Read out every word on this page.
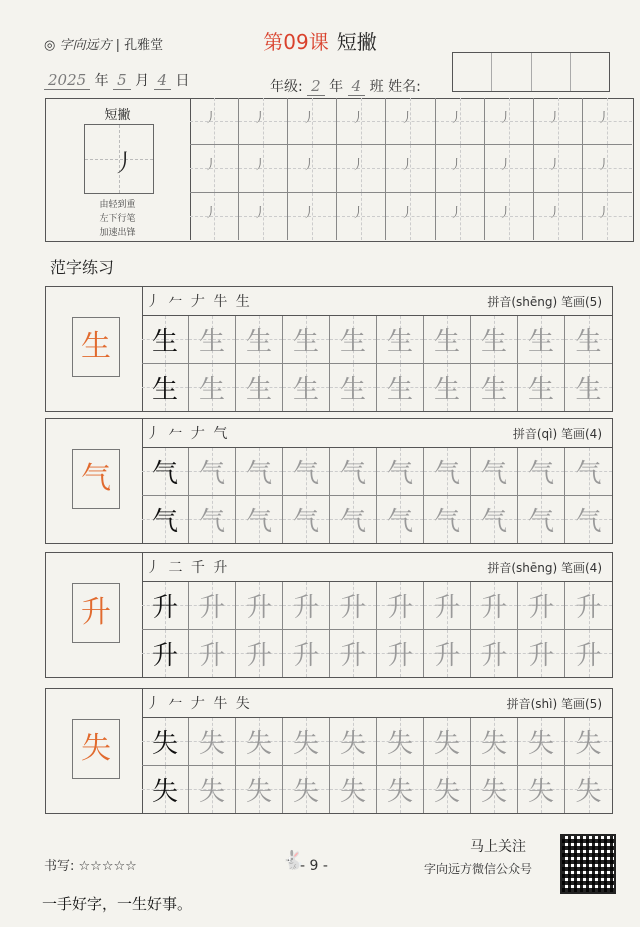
◎ 字向远方 | 孔雅堂	第09课 短撇
2025 年 5 月 4 日	年级: 2 年 4 班 姓名:
短撇
丿
由轻到重
左下行笔
加速出锋
丿	丿	丿	丿	丿	丿	丿	丿	丿
丿	丿	丿	丿	丿	丿	丿	丿	丿
丿	丿	丿	丿	丿	丿	丿	丿	丿
范字练习
生
丿 𠂉 𠂇 牛 生	拼音(shēng) 笔画(5)
生 生 生 生 生 生 生 生 生 生
生 生 生 生 生 生 生 生 生 生
气
丿 𠂉 𠂇 气	拼音(qì) 笔画(4)
气 气 气 气 气 气 气 气 气 气
气 气 气 气 气 气 气 气 气 气
升
丿 二 千 升	拼音(shēng) 笔画(4)
升 升 升 升 升 升 升 升 升 升
升 升 升 升 升 升 升 升 升 升
失
丿 𠂉 𠂇 牛 失	拼音(shì) 笔画(5)
失 失 失 失 失 失 失 失 失 失
失 失 失 失 失 失 失 失 失 失
书写: ☆☆☆☆☆	🐇
- 9 -
马上关注
字向远方微信公众号
一手好字，一生好事。
